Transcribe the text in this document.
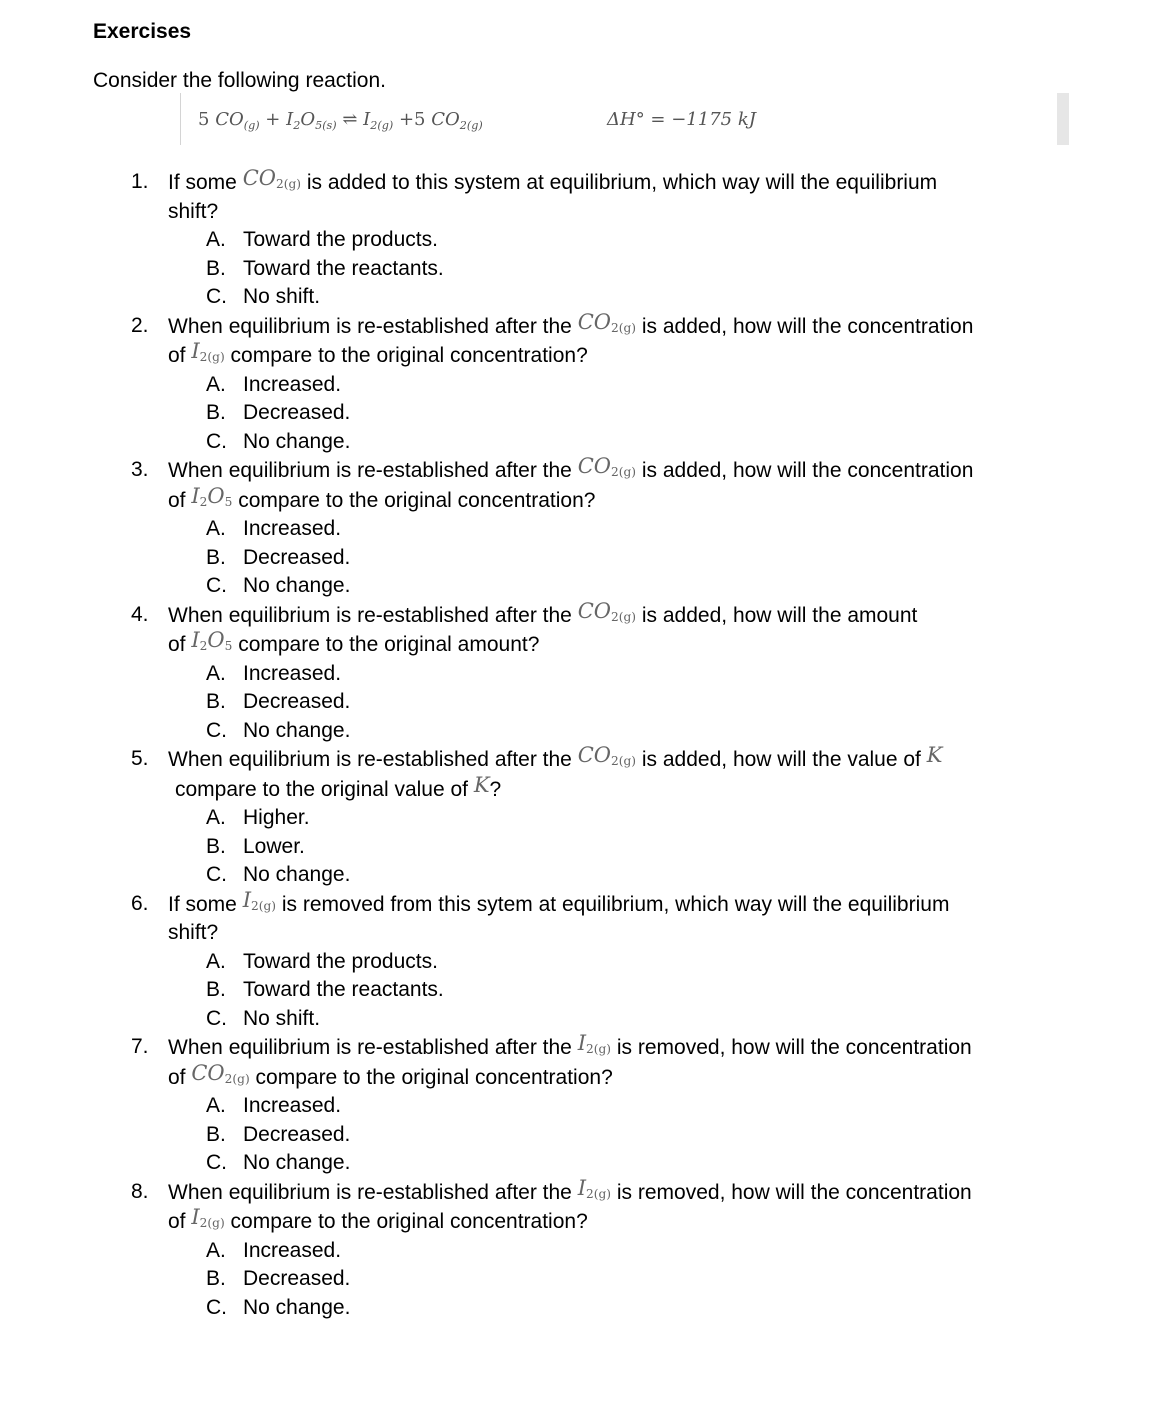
Exercises
Consider the following reaction.
5 $CO_{(g)} + I_2O_{5(s)}$ ⇌ $I_{2(g)} +5$ $CO_{2(g)}$	ΔH° = −1175 kJ
1. If some $CO_{2(g)}$ is added to this system at equilibrium, which way will the equilibrium
shift?
A. Toward the products.
B. Toward the reactants.
C. No shift.
2. When equilibrium is re-established after the $CO_{2(g)}$ is added, how will the concentration
of $I_{2(g)}$ compare to the original concentration?
A. Increased.
B. Decreased.
C. No change.
3. When equilibrium is re-established after the $CO_{2(g)}$ is added, how will the concentration
of $I_2O_5$ compare to the original concentration?
A. Increased.
B. Decreased.
C. No change.
4. When equilibrium is re-established after the $CO_{2(g)}$ is added, how will the amount
of $I_2O_5$ compare to the original amount?
A. Increased.
B. Decreased.
C. No change.
5. When equilibrium is re-established after the $CO_{2(g)}$ is added, how will the value of K
compare to the original value of K?
A. Higher.
B. Lower.
C. No change.
6. If some $I_{2(g)}$ is removed from this sytem at equilibrium, which way will the equilibrium
shift?
A. Toward the products.
B. Toward the reactants.
C. No shift.
7. When equilibrium is re-established after the $I_{2(g)}$ is removed, how will the concentration
of $CO_{2(g)}$ compare to the original concentration?
A. Increased.
B. Decreased.
C. No change.
8. When equilibrium is re-established after the $I_{2(g)}$ is removed, how will the concentration
of $I_{2(g)}$ compare to the original concentration?
A. Increased.
B. Decreased.
C. No change.
